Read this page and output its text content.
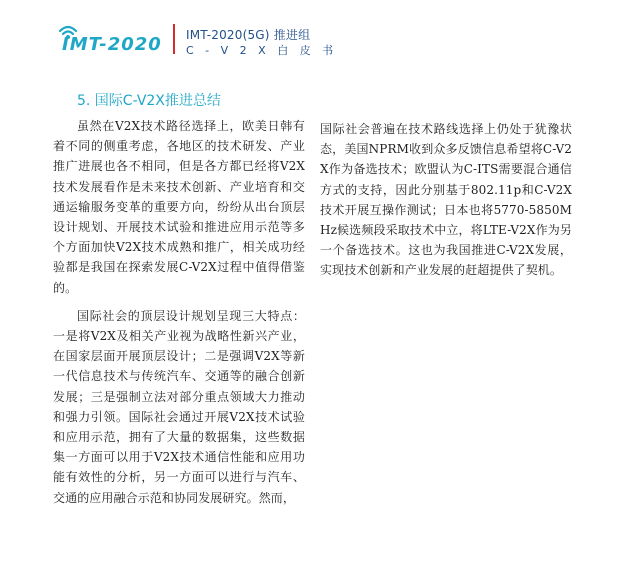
IMT-2020 IMT-2020(5G) 推进组
C - V 2 X 白 皮 书
5. 国际C-V2X推进总结

虽然在V2X技术路径选择上，欧美日韩有着不同的侧重考虑，各地区的技术研发、产业推广进展也各不相同，但是各方都已经将V2X技术发展看作是未来技术创新、产业培育和交通运输服务变革的重要方向，纷纷从出台顶层设计规划、开展技术试验和推进应用示范等多个方面加快V2X技术成熟和推广，相关成功经验都是我国在探索发展C-V2X过程中值得借鉴的。

国际社会的顶层设计规划呈现三大特点：一是将V2X及相关产业视为战略性新兴产业，在国家层面开展顶层设计；二是强调V2X等新一代信息技术与传统汽车、交通等的融合创新发展；三是强制立法对部分重点领域大力推动和强力引领。国际社会通过开展V2X技术试验和应用示范，拥有了大量的数据集，这些数据集一方面可以用于V2X技术通信性能和应用功能有效性的分析，另一方面可以进行与汽车、交通的应用融合示范和协同发展研究。然而，

国际社会普遍在技术路线选择上仍处于犹豫状态，美国NPRM收到众多反馈信息希望将C-V2X作为备选技术；欧盟认为C-ITS需要混合通信方式的支持，因此分别基于802.11p和C-V2X技术开展互操作测试；日本也将5770-5850MHz候选频段采取技术中立，将LTE-V2X作为另一个备选技术。这也为我国推进C-V2X发展，实现技术创新和产业发展的赶超提供了契机。
